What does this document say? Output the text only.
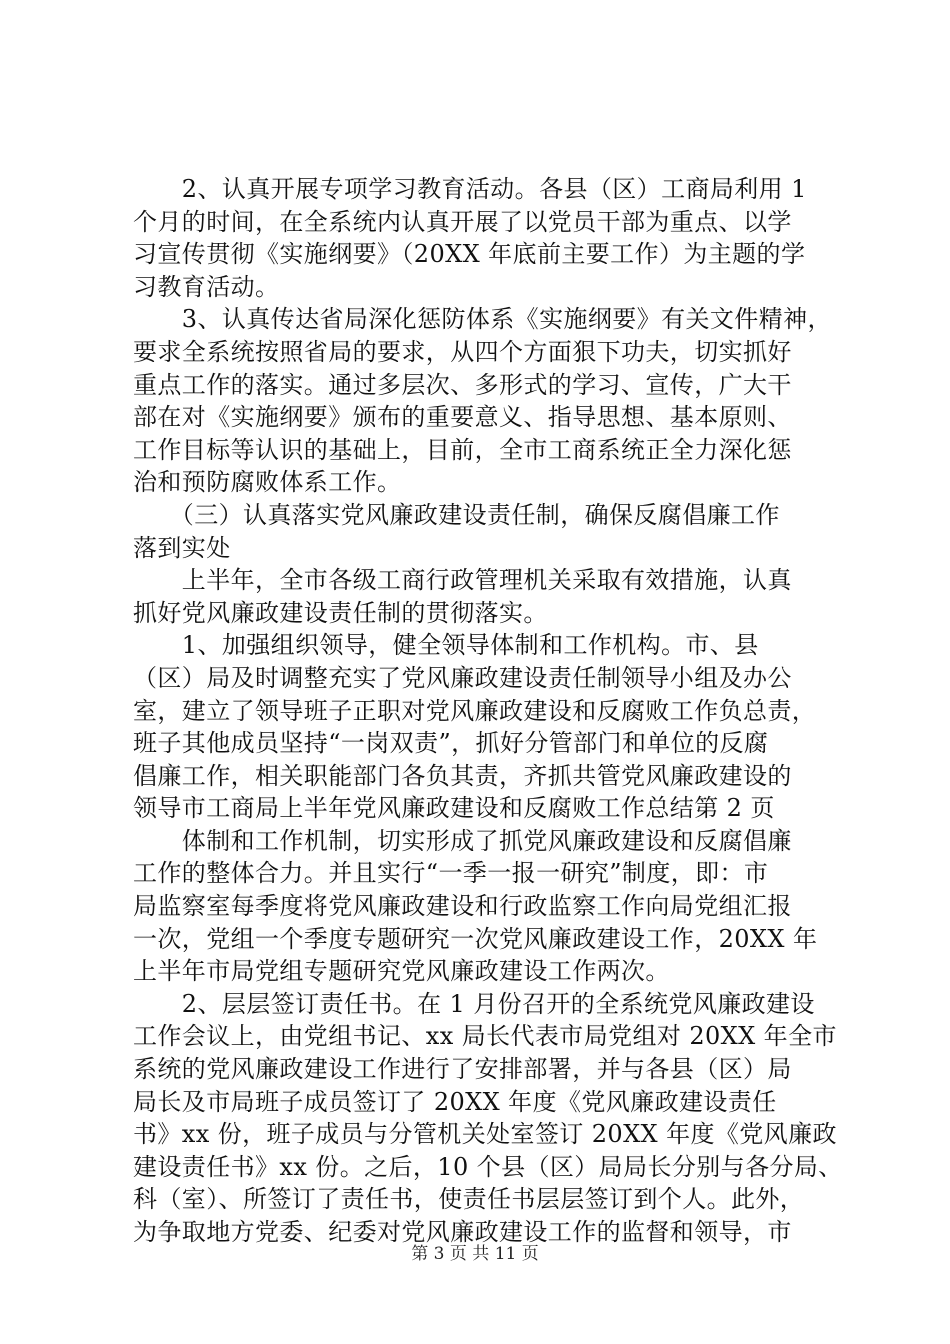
　　2、认真开展专项学习教育活动。各县（区）工商局利用 1
个月的时间，在全系统内认真开展了以党员干部为重点、以学
习宣传贯彻《实施纲要》（20XX 年底前主要工作）为主题的学
习教育活动。
　　3、认真传达省局深化惩防体系《实施纲要》有关文件精神，
要求全系统按照省局的要求，从四个方面狠下功夫，切实抓好
重点工作的落实。通过多层次、多形式的学习、宣传，广大干
部在对《实施纲要》颁布的重要意义、指导思想、基本原则、
工作目标等认识的基础上，目前，全市工商系统正全力深化惩
治和预防腐败体系工作。
　　（三）认真落实党风廉政建设责任制，确保反腐倡廉工作
落到实处
　　上半年，全市各级工商行政管理机关采取有效措施，认真
抓好党风廉政建设责任制的贯彻落实。
　　1、加强组织领导，健全领导体制和工作机构。市、县
（区）局及时调整充实了党风廉政建设责任制领导小组及办公
室，建立了领导班子正职对党风廉政建设和反腐败工作负总责，
班子其他成员坚持“一岗双责”，抓好分管部门和单位的反腐
倡廉工作，相关职能部门各负其责，齐抓共管党风廉政建设的
领导市工商局上半年党风廉政建设和反腐败工作总结第 2 页
　　体制和工作机制，切实形成了抓党风廉政建设和反腐倡廉
工作的整体合力。并且实行“一季一报一研究”制度，即：市
局监察室每季度将党风廉政建设和行政监察工作向局党组汇报
一次，党组一个季度专题研究一次党风廉政建设工作，20XX 年
上半年市局党组专题研究党风廉政建设工作两次。
　　2、层层签订责任书。在 1 月份召开的全系统党风廉政建设
工作会议上，由党组书记、xx 局长代表市局党组对 20XX 年全市
系统的党风廉政建设工作进行了安排部署，并与各县（区）局
局长及市局班子成员签订了 20XX 年度《党风廉政建设责任
书》xx 份，班子成员与分管机关处室签订 20XX 年度《党风廉政
建设责任书》xx 份。之后，10 个县（区）局局长分别与各分局、
科（室）、所签订了责任书，使责任书层层签订到个人。此外，
为争取地方党委、纪委对党风廉政建设工作的监督和领导，市
第 3 页 共 11 页
